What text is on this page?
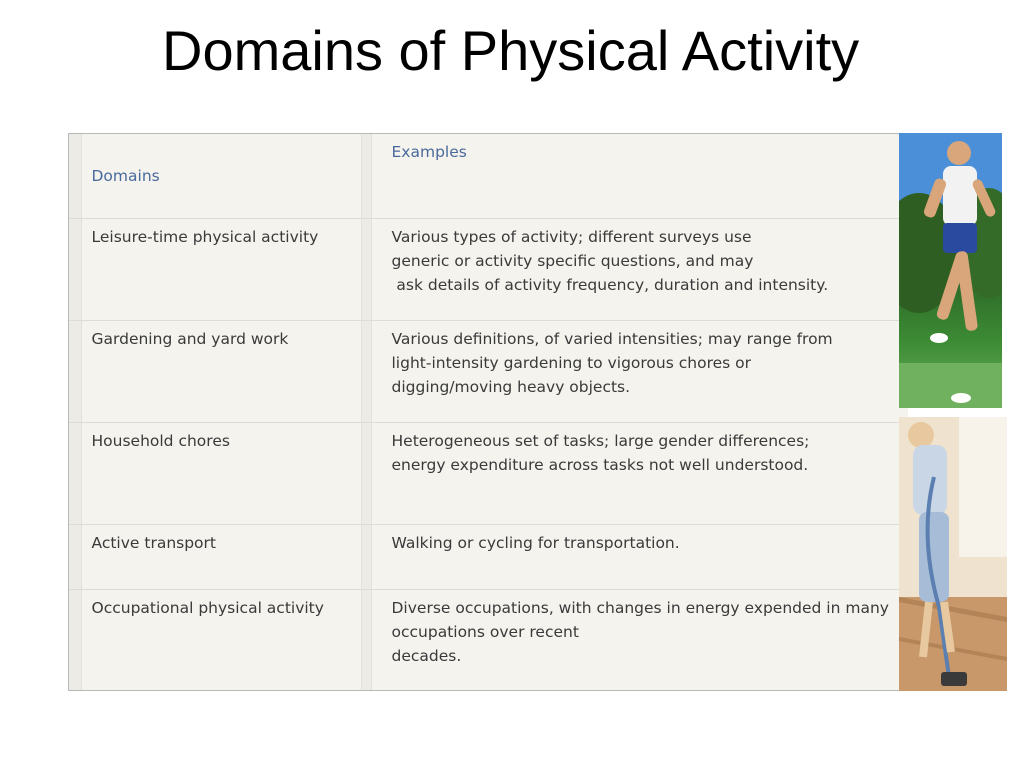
Domains of Physical Activity
	Domains		Examples

	Leisure-time physical activity		Various types of activity; different surveys use
generic or activity specific questions, and may
ask details of activity frequency, duration and intensity.

	Gardening and yard work		Various definitions, of varied intensities; may range from
light-intensity gardening to vigorous chores or
digging/moving heavy objects.

	Household chores		Heterogeneous set of tasks; large gender differences;
energy expenditure across tasks not well understood.

	Active transport		Walking or cycling for transportation.

	Occupational physical activity		Diverse occupations, with changes in energy expended in many
occupations over recent
decades.
